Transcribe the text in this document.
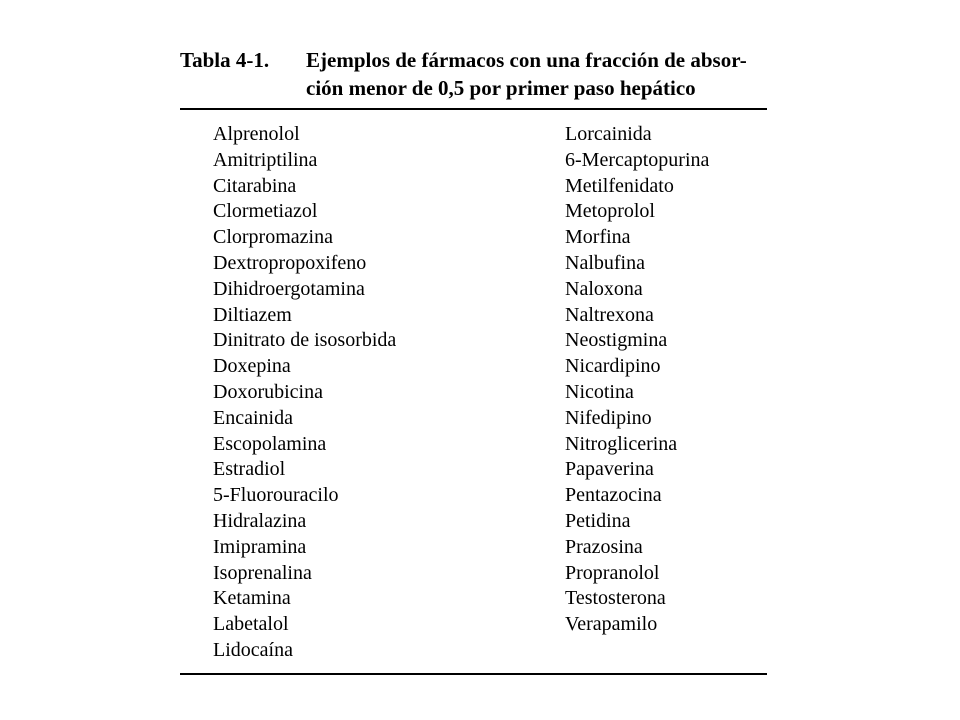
Tabla 4-1. Ejemplos de fármacos con una fracción de absor-
ción menor de 0,5 por primer paso hepático
Alprenolol
Amitriptilina
Citarabina
Clormetiazol
Clorpromazina
Dextropropoxifeno
Dihidroergotamina
Diltiazem
Dinitrato de isosorbida
Doxepina
Doxorubicina
Encainida
Escopolamina
Estradiol
5-Fluorouracilo
Hidralazina
Imipramina
Isoprenalina
Ketamina
Labetalol
Lidocaína
Lorcainida
6-Mercaptopurina
Metilfenidato
Metoprolol
Morfina
Nalbufina
Naloxona
Naltrexona
Neostigmina
Nicardipino
Nicotina
Nifedipino
Nitroglicerina
Papaverina
Pentazocina
Petidina
Prazosina
Propranolol
Testosterona
Verapamilo
